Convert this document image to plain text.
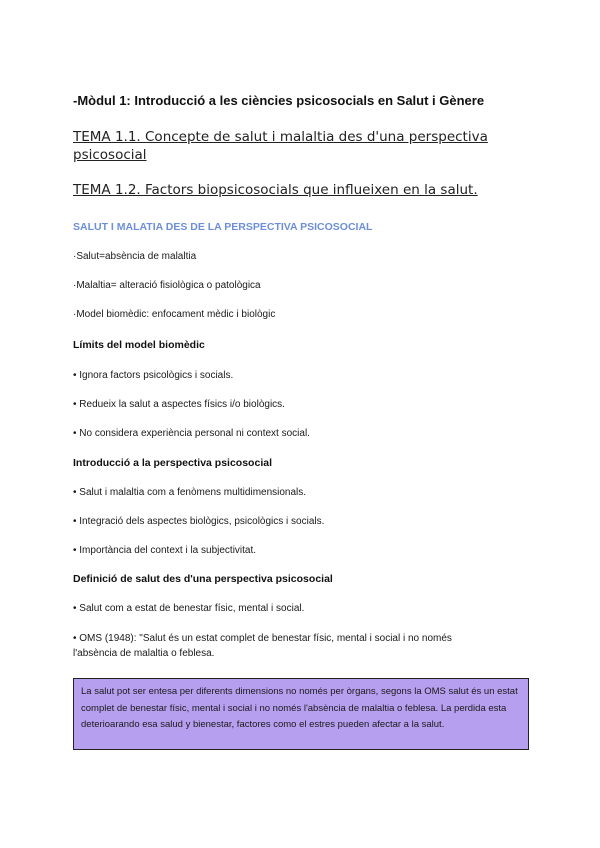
-Mòdul 1: Introducció a les ciències psicosocials en Salut i Gènere
TEMA 1.1. Concepte de salut i malaltia des d'una perspectiva psicosocial
TEMA 1.2. Factors biopsicosocials que influeixen en la salut.
SALUT I MALATIA DES DE LA PERSPECTIVA PSICOSOCIAL
·Salut=absència de malaltia
·Malaltia= alteració fisiològica o patològica
·Model biomèdic: enfocament mèdic i biològic
Límits del model biomèdic
• Ignora factors psicològics i socials.
• Redueix la salut a aspectes físics i/o biològics.
• No considera experiència personal ni context social.
Introducció a la perspectiva psicosocial
• Salut i malaltia com a fenòmens multidimensionals.
• Integració dels aspectes biològics, psicològics i socials.
• Importància del context i la subjectivitat.
Definició de salut des d'una perspectiva psicosocial
• Salut com a estat de benestar físic, mental i social.
• OMS (1948): "Salut és un estat complet de benestar físic, mental i social i no només l'absència de malaltia o feblesa.
La salut pot ser entesa per diferents dimensions no només per òrgans, segons la OMS salut és un estat complet de benestar físic, mental i social i no només l'absència de malaltia o feblesa. La perdida esta deterioarando esa salud y bienestar, factores como el estres pueden afectar a la salut.
